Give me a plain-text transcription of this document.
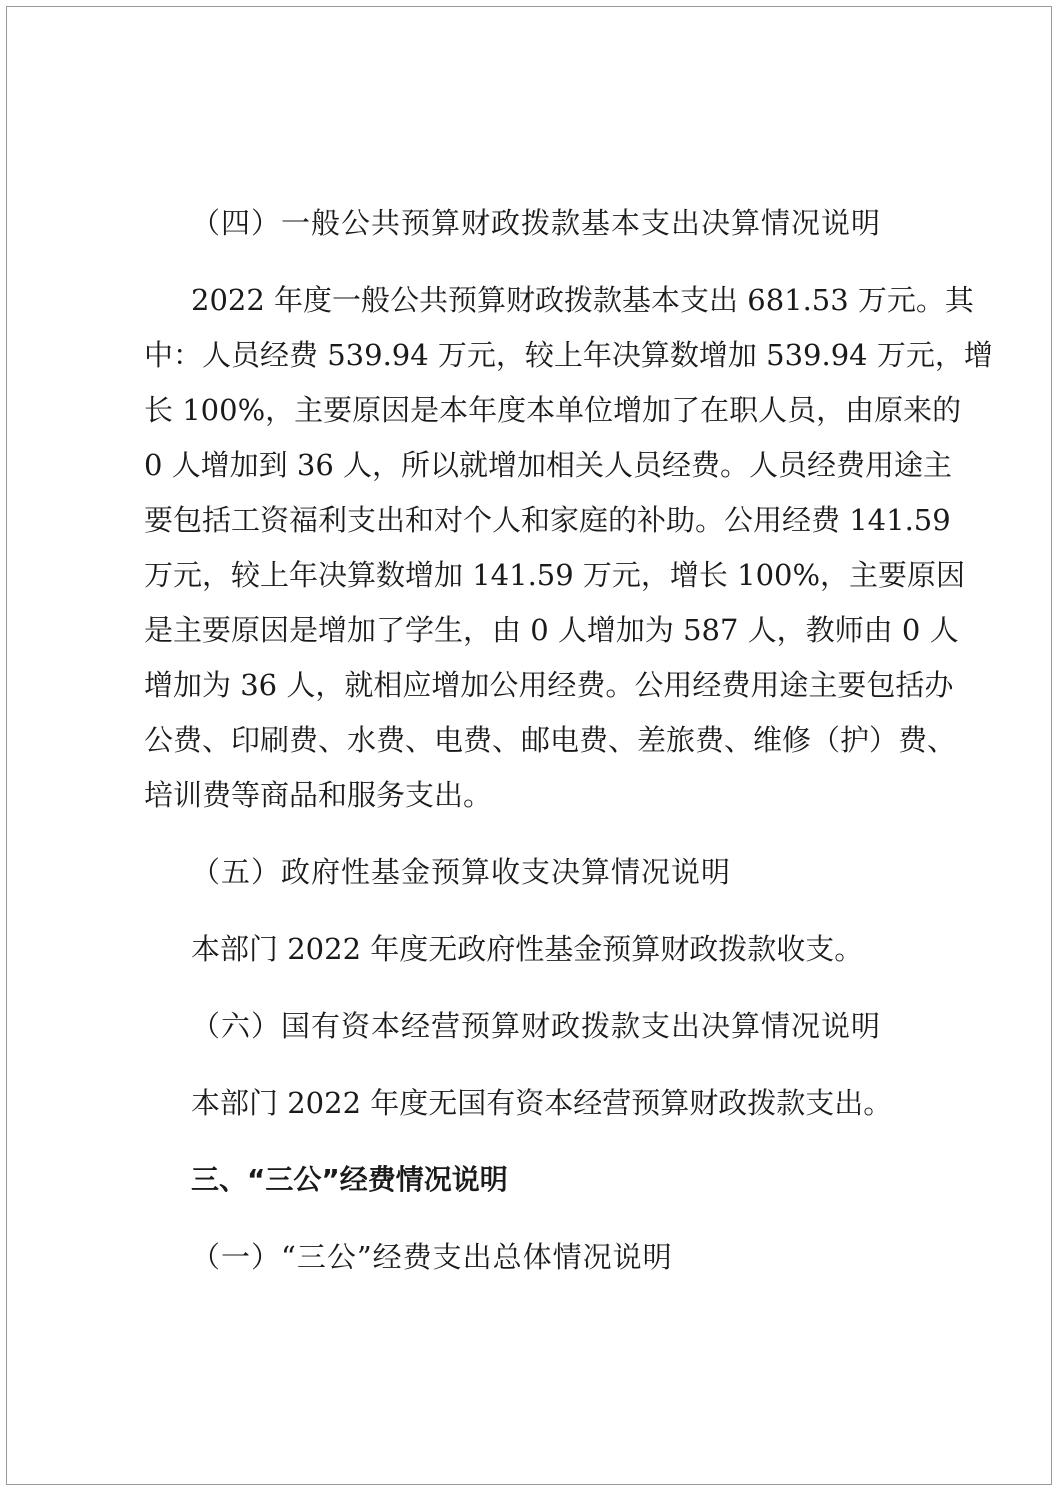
（四）一般公共预算财政拨款基本支出决算情况说明
2022 年度一般公共预算财政拨款基本支出 681.53 万元。其
中：人员经费 539.94 万元，较上年决算数增加 539.94 万元，增
长 100%，主要原因是本年度本单位增加了在职人员，由原来的
0 人增加到 36 人，所以就增加相关人员经费。人员经费用途主
要包括工资福利支出和对个人和家庭的补助。公用经费 141.59
万元，较上年决算数增加 141.59 万元，增长 100%，主要原因
是主要原因是增加了学生，由 0 人增加为 587 人，教师由 0 人
增加为 36 人，就相应增加公用经费。公用经费用途主要包括办
公费、印刷费、水费、电费、邮电费、差旅费、维修（护）费、
培训费等商品和服务支出。
（五）政府性基金预算收支决算情况说明
本部门 2022 年度无政府性基金预算财政拨款收支。
（六）国有资本经营预算财政拨款支出决算情况说明
本部门 2022 年度无国有资本经营预算财政拨款支出。
三、“三公”经费情况说明
（一）“三公”经费支出总体情况说明
